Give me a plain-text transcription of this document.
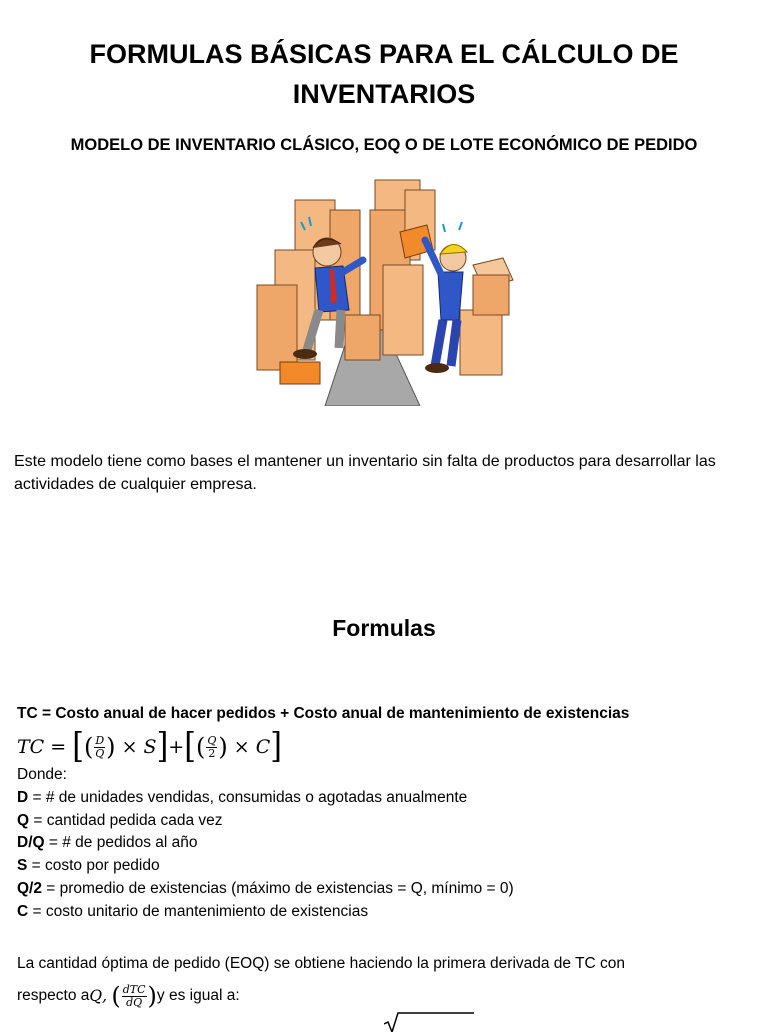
FORMULAS BÁSICAS PARA EL CÁLCULO DE INVENTARIOS
MODELO DE INVENTARIO CLÁSICO, EOQ O DE LOTE ECONÓMICO DE PEDIDO
Este modelo tiene como bases el mantener un inventario sin falta de productos para desarrollar las actividades de cualquier empresa.
Formulas
TC = Costo anual de hacer pedidos + Costo anual de mantenimiento de existencias
TC
=
[ ( $\frac{D}{Q}$ )
×
S ] + [ ( $\frac{Q}{2}$ )
×
C ]
Donde:
D = # de unidades vendidas, consumidas o agotadas anualmente
Q = cantidad pedida cada vez
D/Q = # de pedidos al año
S = costo por pedido
Q/2 = promedio de existencias (máximo de existencias = Q, mínimo = 0)
C = costo unitario de mantenimiento de existencias
La cantidad óptima de pedido (EOQ) se obtiene haciendo la primera derivada de TC con
respecto a Q ,
( $\frac{\text{dTC}}{dQ}$ ) y es igual a:
